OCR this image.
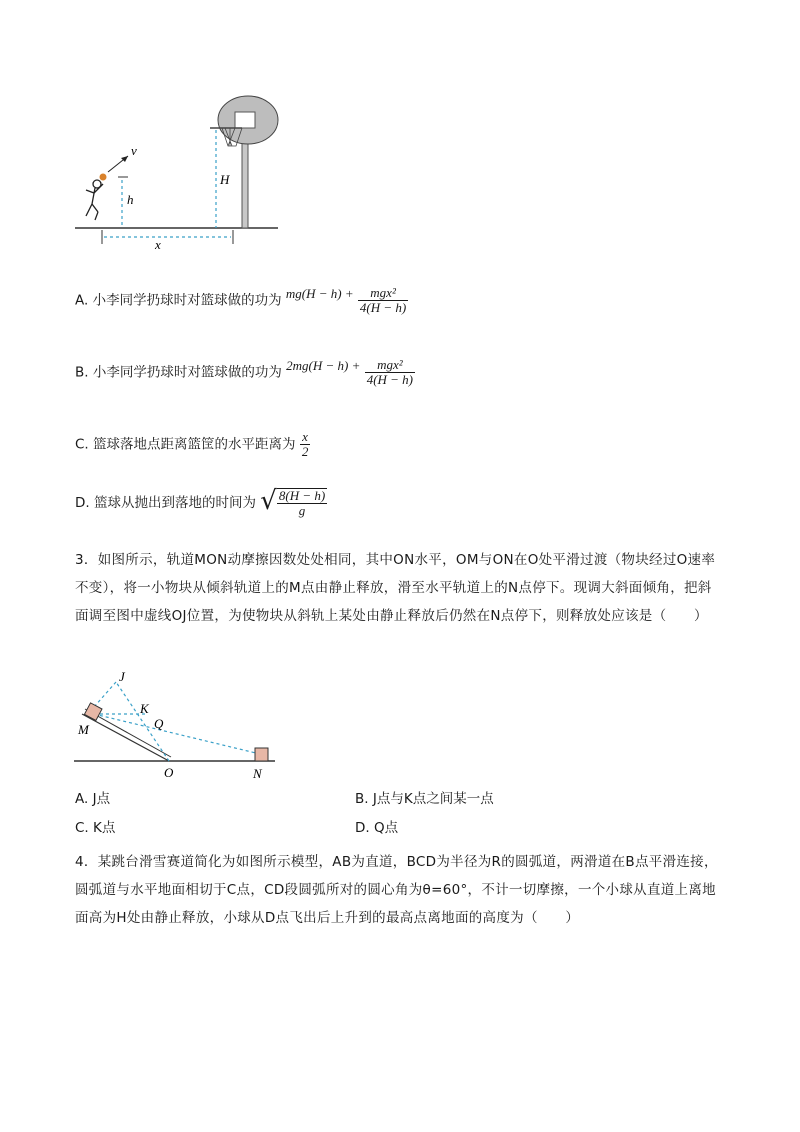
H
v
h
x
A. 小李同学扔球时对篮球做的功为 $mg(H - h) + \frac{\text{mgx²}}{4(H - h)}$
B. 小李同学扔球时对篮球做的功为 $2mg(H - h) + \frac{\text{mgx²}}{4(H - h)}$
C. 篮球落地点距离篮筐的水平距离为 $\frac{x}{2}$
D. 篮球从抛出到落地的时间为 √ $\frac{8(H - h)}{g}$
3．如图所示，轨道MON动摩擦因数处处相同，其中ON水平，OM与ON在O处平滑过渡（物块经过O速率不变），将一小物块从倾斜轨道上的M点由静止释放，滑至水平轨道上的N点停下。现调大斜面倾角，把斜面调至图中虚线OJ位置，为使物块从斜轨上某处由静止释放后仍然在N点停下，则释放处应该是（　　）
J
K
Q
M
O	N
A. J点	B. J点与K点之间某一点
C. K点	D. Q点
4．某跳台滑雪赛道简化为如图所示模型，AB为直道，BCD为半径为R的圆弧道，两滑道在B点平滑连接，圆弧道与水平地面相切于C点，CD段圆弧所对的圆心角为θ=60°，不计一切摩擦，一个小球从直道上离地面高为H处由静止释放，小球从D点飞出后上升到的最高点离地面的高度为（　　）
